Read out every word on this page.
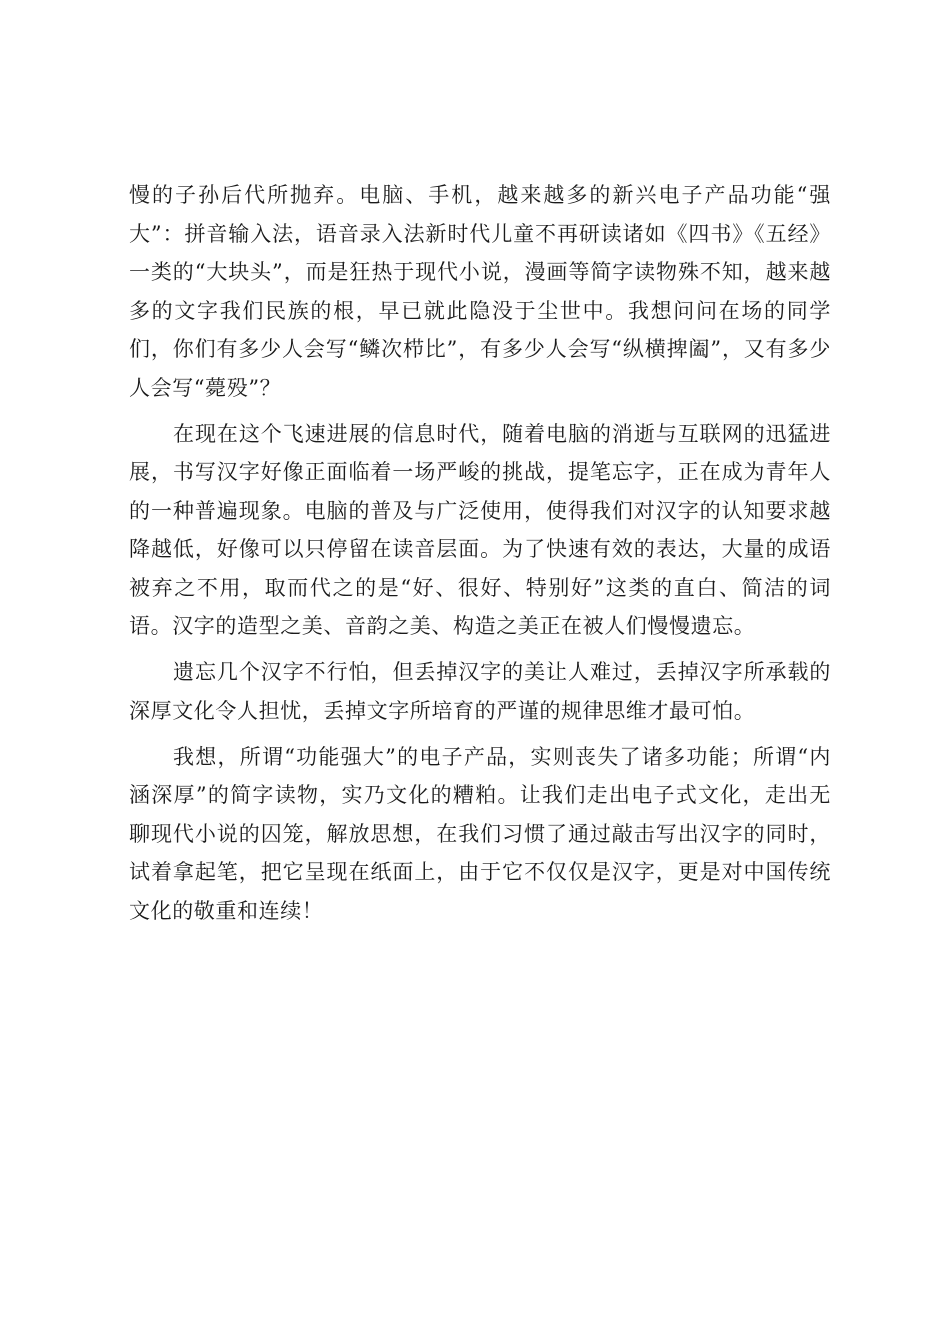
慢的子孙后代所抛弃。电脑、手机，越来越多的新兴电子产品功能“强大”：拼音输入法，语音录入法新时代儿童不再研读诸如《四书》《五经》一类的“大块头”，而是狂热于现代小说，漫画等简字读物殊不知，越来越多的文字我们民族的根，早已就此隐没于尘世中。我想问问在场的同学们，你们有多少人会写“鳞次栉比”，有多少人会写“纵横捭阖”，又有多少人会写“薨殁”？

在现在这个飞速进展的信息时代，随着电脑的消逝与互联网的迅猛进展，书写汉字好像正面临着一场严峻的挑战，提笔忘字，正在成为青年人的一种普遍现象。电脑的普及与广泛使用，使得我们对汉字的认知要求越降越低，好像可以只停留在读音层面。为了快速有效的表达，大量的成语被弃之不用，取而代之的是“好、很好、特别好”这类的直白、简洁的词语。汉字的造型之美、音韵之美、构造之美正在被人们慢慢遗忘。

遗忘几个汉字不行怕，但丢掉汉字的美让人难过，丢掉汉字所承载的深厚文化令人担忧，丢掉文字所培育的严谨的规律思维才最可怕。

我想，所谓“功能强大”的电子产品，实则丧失了诸多功能；所谓“内涵深厚”的简字读物，实乃文化的糟粕。让我们走出电子式文化，走出无聊现代小说的囚笼，解放思想，在我们习惯了通过敲击写出汉字的同时，试着拿起笔，把它呈现在纸面上，由于它不仅仅是汉字，更是对中国传统文化的敬重和连续！
